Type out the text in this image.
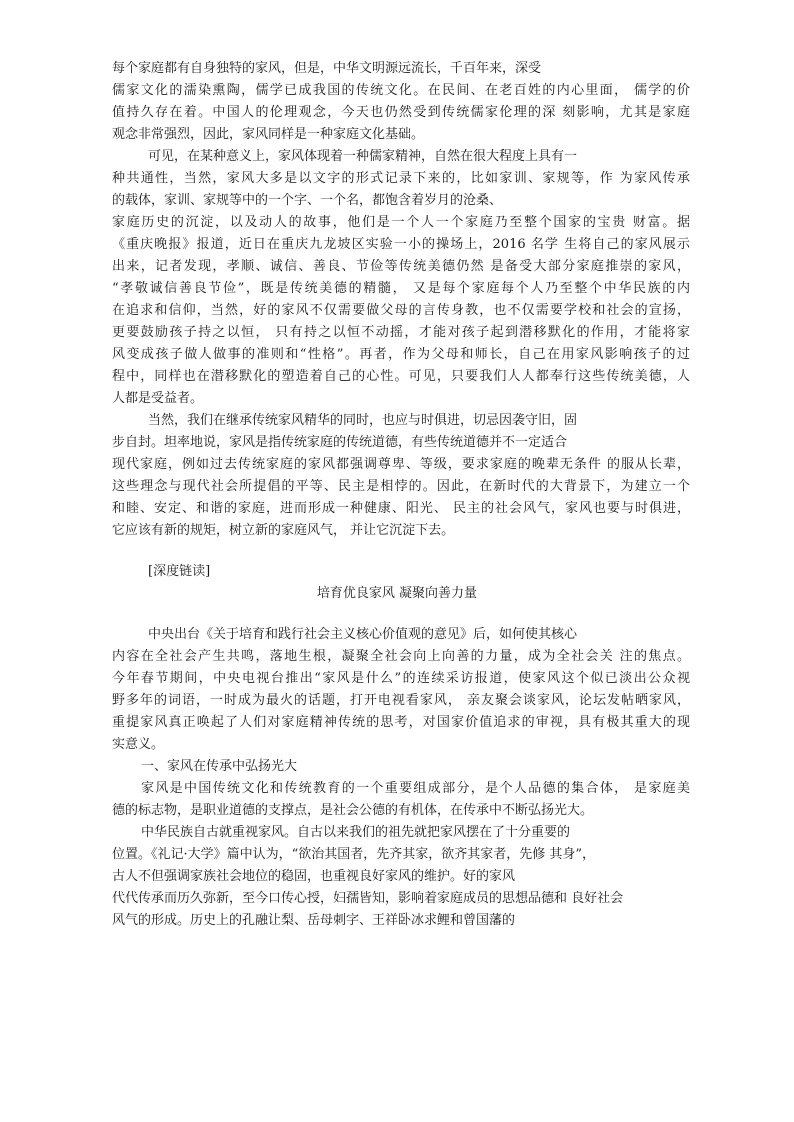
每个家庭都有自身独特的家风，但是，中华文明源远流长，千百年来，深受
儒家文化的濡染熏陶，儒学已成我国的传统文化。在民间、在老百姓的内心里面， 儒学的价
值持久存在着。中国人的伦理观念，今天也仍然受到传统儒家伦理的深 刻影响，尤其是家庭
观念非常强烈，因此，家风同样是一种家庭文化基础。
可见，在某种意义上，家风体现着一种儒家精神，自然在很大程度上具有一
种共通性，当然，家风大多是以文字的形式记录下来的，比如家训、家规等，作 为家风传承
的载体，家训、家规等中的一个字、一个名，都饱含着岁月的沧桑、
家庭历史的沉淀，以及动人的故事，他们是一个人一个家庭乃至整个国家的宝贵 财富。据
《重庆晚报》报道，近日在重庆九龙坡区实验一小的操场上，2016 名学 生将自己的家风展示
出来，记者发现，孝顺、诚信、善良、节俭等传统美德仍然 是备受大部分家庭推崇的家风，
“孝敬诚信善良节俭”，既是传统美德的精髓， 又是每个家庭每个人乃至整个中华民族的内
在追求和信仰，当然，好的家风不仅需要做父母的言传身教，也不仅需要学校和社会的宣扬，
更要鼓励孩子持之以恒， 只有持之以恒不动摇，才能对孩子起到潜移默化的作用，才能将家
风变成孩子做人做事的准则和“性格”。再者，作为父母和师长，自己在用家风影响孩子的过
程中，同样也在潜移默化的塑造着自己的心性。可见，只要我们人人都奉行这些传统美德，人
人都是受益者。
当然，我们在继承传统家风精华的同时，也应与时俱进，切忌因袭守旧，固
步自封。坦率地说，家风是指传统家庭的传统道德，有些传统道德并不一定适合
现代家庭，例如过去传统家庭的家风都强调尊卑、等级，要求家庭的晚辈无条件 的服从长辈，
这些理念与现代社会所提倡的平等、民主是相悖的。因此，在新时代的大背景下，为建立一个
和睦、安定、和谐的家庭，进而形成一种健康、阳光、 民主的社会风气，家风也要与时俱进，
它应该有新的规矩，树立新的家庭风气， 并让它沉淀下去。
[深度链读]
培育优良家风 凝聚向善力量
中央出台《关于培育和践行社会主义核心价值观的意见》后，如何使其核心
内容在全社会产生共鸣，落地生根，凝聚全社会向上向善的力量，成为全社会关 注的焦点。
今年春节期间，中央电视台推出“家风是什么”的连续采访报道，使家风这个似已淡出公众视
野多年的词语，一时成为最火的话题，打开电视看家风， 亲友聚会谈家风，论坛发帖晒家风，
重提家风真正唤起了人们对家庭精神传统的思考，对国家价值追求的审视，具有极其重大的现
实意义。
一、家风在传承中弘扬光大
家风是中国传统文化和传统教育的一个重要组成部分，是个人品德的集合体， 是家庭美
德的标志物，是职业道德的支撑点，是社会公德的有机体，在传承中不断弘扬光大。
中华民族自古就重视家风。自古以来我们的祖先就把家风摆在了十分重要的
位置。《礼记·大学》篇中认为，“欲治其国者，先齐其家，欲齐其家者，先修 其身”，
古人不但强调家族社会地位的稳固，也重视良好家风的维护。好的家风
代代传承而历久弥新，至今口传心授，妇孺皆知，影响着家庭成员的思想品德和 良好社会
风气的形成。历史上的孔融让梨、岳母刺字、王祥卧冰求鲤和曾国藩的
